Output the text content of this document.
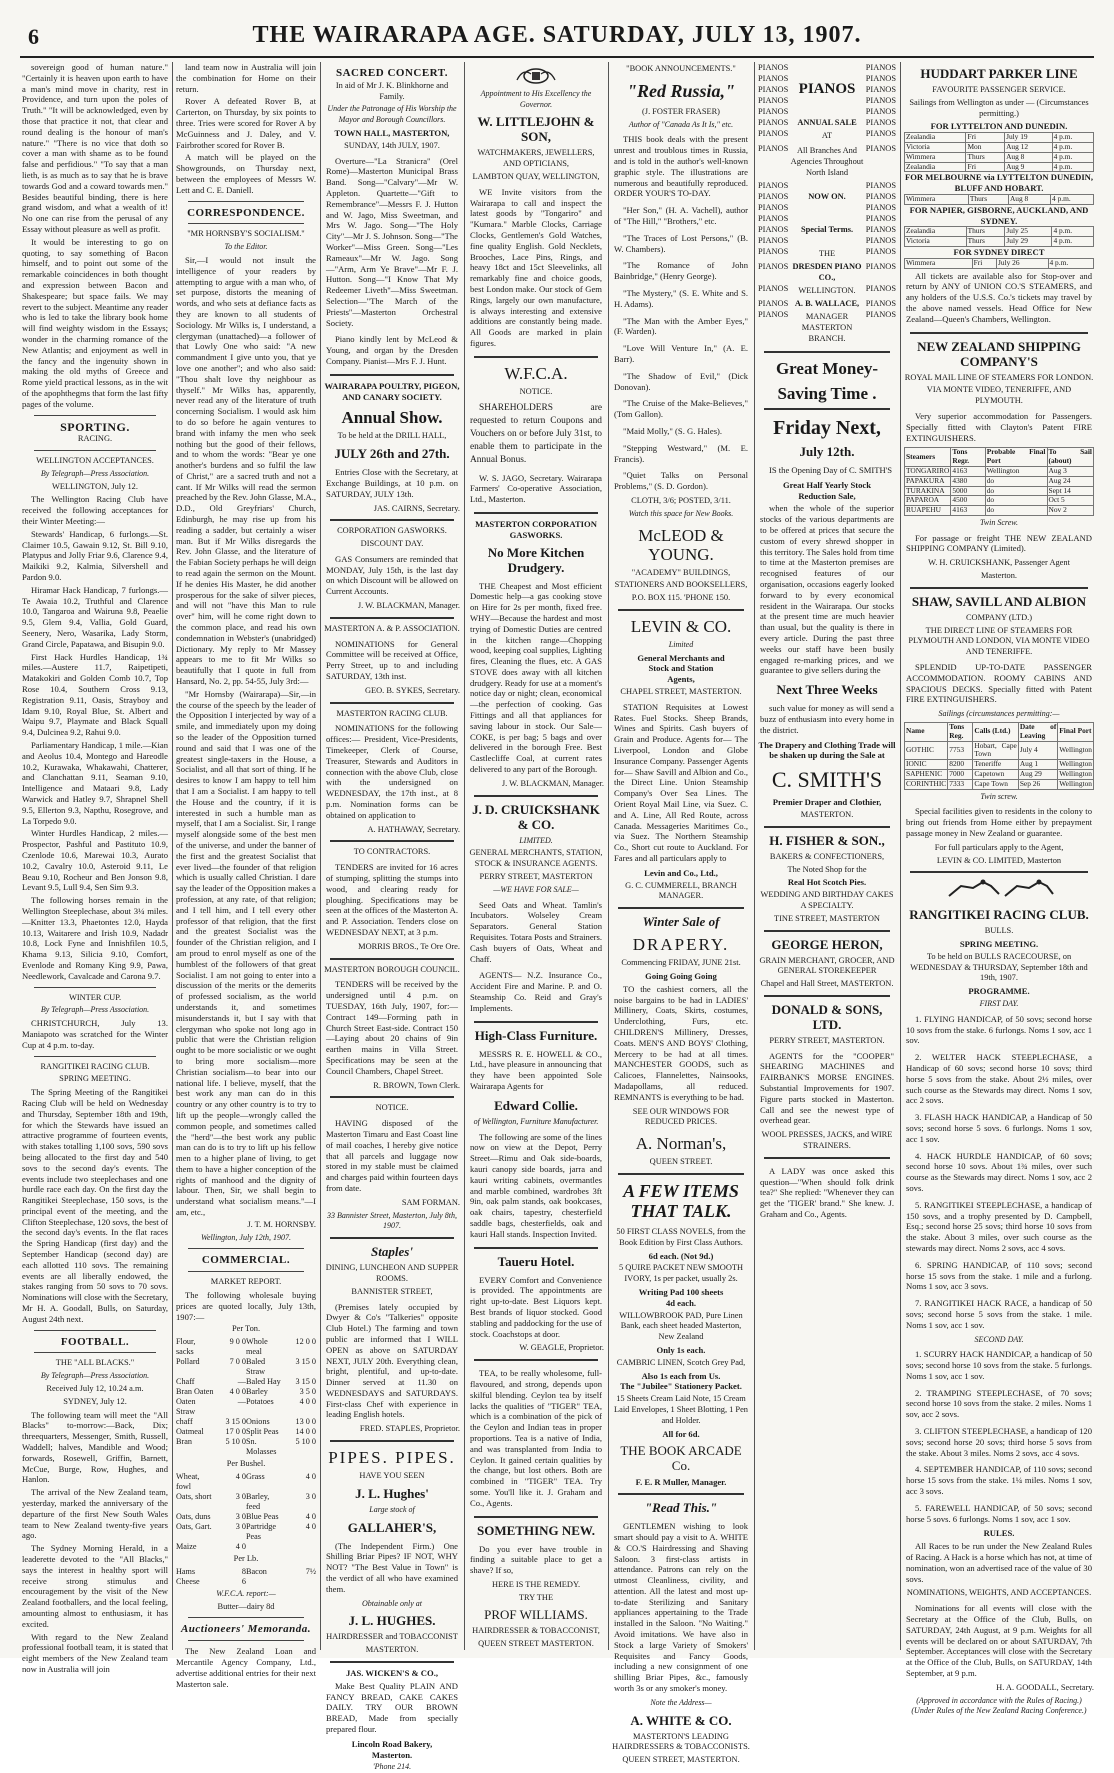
6	THE WAIRARAPA AGE. SATURDAY, JULY 13, 1907.

sovereign good of human nature." "Certainly it is heaven upon earth to have a man's mind move in charity, rest in Providence, and turn upon the poles of Truth." "It will be acknowledged, even by those that practice it not, that clear and round dealing is the honour of man's nature." "There is no vice that doth so cover a man with shame as to be found false and perfidious." "To say that a man lieth, is as much as to say that he is brave towards God and a coward towards men." Besides beautiful binding, there is here grand wisdom, and what a wealth of it! No one can rise from the perusal of any Essay without pleasure as well as profit.

It would be interesting to go on quoting, to say something of Bacon himself, and to point out some of the remarkable coincidences in both thought and expression between Bacon and Shakespeare; but space fails. We may revert to the subject. Meantime any reader who is led to take the library book home will find weighty wisdom in the Essays; wonder in the charming romance of the New Atlantis; and enjoyment as well in the fancy and the ingenuity shown in making the old myths of Greece and Rome yield practical lessons, as in the wit of the apophthegms that form the last fifty pages of the volume.

SPORTING.
RACING.
WELLINGTON ACCEPTANCES.
By Telegraph—Press Association.
WELLINGTON, July 12.

The Wellington Racing Club have received the following acceptances for their Winter Meeting:—

Stewards' Handicap, 6 furlongs.—St. Claimer 10.5, Gawain 9.12, St. Bill 9.10, Platypus and Jolly Friar 9.6, Clarence 9.4, Maikiki 9.2, Kalmia, Silvershell and Pardon 9.0.

Hiramar Hack Handicap, 7 furlongs.—Te Awaia 10.2, Truthful and Clarence 10.0, Tangaroa and Wairuna 9.8, Peaelie 9.5, Glem 9.4, Vallia, Gold Guard, Seenery, Nero, Wasarika, Lady Storm, Grand Circle, Papatawa, and Bisupin 9.0.

First Hack Hurdles Handicap, 1¾ miles.—Austere 11.7, Raipetipeti, Matakokiri and Golden Comb 10.7, Top Rose 10.4, Southern Cross 9.13, Registration 9.11, Oasis, Strayboy and Idam 9.10, Royal Blue, St. Albert and Waipu 9.7, Playmate and Black Squall 9.4, Dulcinea 9.2, Rahui 9.0.

Parliamentary Handicap, 1 mile.—Kian and Aeolus 10.4, Montego and Hareodle 10.2, Kurawaka, Whakawahi, Chatterer, and Clanchattan 9.11, Seaman 9.10, Intelligence and Mataari 9.8, Lady Warwick and Hatley 9.7, Shrapnel Shell 9.5, Ellerton 9.3, Napthu, Rosegrove, and La Torpedo 9.0.

Winter Hurdles Handicap, 2 miles.—Prospector, Pashful and Pastituto 10.9, Czenlode 10.6, Marewai 10.3, Aurato 10.2, Cavalry 10.0, Asteroid 9.11, Le Beau 9.10, Rocheur and Ben Jonson 9.8, Levant 9.5, Lull 9.4, Sen Sim 9.3.

The following horses remain in the Wellington Steeplechase, about 3¼ miles.—Knitter 13.3, Phaetontes 12.0, Hayda 10.13, Waitarere and Irish 10.9, Nadadr 10.8, Lock Fyne and Innishfilen 10.5, Khama 9.13, Silicia 9.10, Comfort, Evenlode and Romany King 9.9, Pawa, Needlework, Cavalcade and Carona 9.7.

WINTER CUP.
By Telegraph—Press Association.

CHRISTCHURCH, July 13. Maniapoto was scratched for the Winter Cup at 4 p.m. to-day.

RANGITIKEI RACING CLUB.
SPRING MEETING.

The Spring Meeting of the Rangitikei Racing Club will be held on Wednesday and Thursday, September 18th and 19th, for which the Stewards have issued an attractive programme of fourteen events, with stakes totalling 1,100 sovs, 590 sovs being allocated to the first day and 540 sovs to the second day's events. The events include two steeplechases and one hurdle race each day. On the first day the Rangitikei Steeplechase, 150 sovs, is the principal event of the meeting, and the Clifton Steeplechase, 120 sovs, the best of the second day's events. In the flat races the Spring Handicap (first day) and the September Handicap (second day) are each allotted 110 sovs. The remaining events are all liberally endowed, the stakes ranging from 50 sovs to 70 sovs. Nominations will close with the Secretary, Mr H. A. Goodall, Bulls, on Saturday, August 24th next.

FOOTBALL.
THE "ALL BLACKS."
By Telegraph—Press Association.
Received July 12, 10.24 a.m.
SYDNEY, July 12.

The following team will meet the "All Blacks" to-morrow:—Back, Dix; threequarters, Messenger, Smith, Russell, Waddell; halves, Mandible and Wood; forwards, Rosewell, Griffin, Barnett, McCue, Burge, Row, Hughes, and Hanlon.

The arrival of the New Zealand team, yesterday, marked the anniversary of the departure of the first New South Wales team to New Zealand twenty-five years ago.

The Sydney Morning Herald, in a leaderette devoted to the "All Blacks," says the interest in healthy sport will receive strong stimulus and encouragement by the visit of the New Zealand footballers, and the local feeling, amounting almost to enthusiasm, it has excited.

With regard to the New Zealand professional football team, it is stated that eight members of the New Zealand team now in Australia will join

land team now in Australia will join the combination for Home on their return.

Rover A defeated Rover B, at Carterton, on Thursday, by six points to three. Tries were scored for Rover A by McGuinness and J. Daley, and V. Fairbrother scored for Rover B.

A match will be played on the Showgrounds, on Thursday next, between the employees of Messrs W. Lett and C. E. Daniell.

CORRESPONDENCE.
"MR HORNSBY'S SOCIALISM."
To the Editor.

Sir,—I would not insult the intelligence of your readers by attempting to argue with a man who, of set purpose, distorts the meaning of words, and who sets at defiance facts as they are known to all students of Sociology. Mr Wilks is, I understand, a clergyman (unattached)—a follower of that Lowly One who said: "A new commandment I give unto you, that ye love one another"; and who also said: "Thou shalt love thy neighbour as thyself." Mr Wilks has, apparently, never read any of the literature of truth concerning Socialism. I would ask him to do so before he again ventures to brand with infamy the men who seek nothing but the good of their fellows, and to whom the words: "Bear ye one another's burdens and so fulfil the law of Christ," are a sacred truth and not a cant. If Mr Wilks will read the sermon preached by the Rev. John Glasse, M.A., D.D., Old Greyfriars' Church, Edinburgh, he may rise up from his reading a sadder, but certainly a wiser man. But if Mr Wilks disregards the Rev. John Glasse, and the literature of the Fabian Society perhaps he will deign to read again the sermon on the Mount. If he denies His Master, he did another prosperous for the sake of silver pieces, and will not "have this Man to rule over" him, will he come right down to the common place, and read his own condemnation in Webster's (unabridged) Dictionary. My reply to Mr Massey appears to me to fit Mr Wilks so beautifully that I quote in full from Hansard, No. 2, pp. 54-55, July 3rd:—

"Mr Hornsby (Wairarapa)—Sir,—in the course of the speech by the leader of the Opposition I interjected by way of a smile, and immediately upon my doing so the leader of the Opposition turned round and said that I was one of the greatest single-taxers in the House, a Socialist, and all that sort of thing. If he desires to know I am happy to tell him that I am a Socialist. I am happy to tell the House and the country, if it is interested in such a humble man as myself, that I am a Socialist. Sir, I range myself alongside some of the best men of the universe, and under the banner of the first and the greatest Socialist that ever lived—the founder of that religion which is usually called Christian. I dare say the leader of the Opposition makes a profession, at any rate, of that religion; and I tell him, and I tell every other professor of that religion, that the first and the greatest Socialist was the founder of the Christian religion, and I am proud to enrol myself as one of the humblest of the followers of that great Socialist. I am not going to enter into a discussion of the merits or the demerits of professed socialism, as the world understands it, and sometimes misunderstands it, but I say with that clergyman who spoke not long ago in public that were the Christian religion ought to be more socialistic or we ought to bring more socialism—more Christian socialism—to bear into our national life. I believe, myself, that the best work any man can do in this country or any other country is to try to lift up the people—wrongly called the common people, and sometimes called the "herd"—the best work any public man can do is to try to lift up his fellow men to a higher plane of living, to get them to have a higher conception of the rights of manhood and the dignity of labour. Then, Sir, we shall begin to understand what socialism means."—I am, etc.,

J. T. M. HORNSBY.
Wellington, July 12th, 1907.
COMMERCIAL.
MARKET REPORT.

The following wholesale buying prices are quoted locally, July 13th, 1907:—

Per Ton.
Flour, sacks
9 0 0 Whole meal
12 0 0
Pollard	7 0 0 Baled Straw
3 15 0
Chaff	— Baled Hay	3 15 0
Bran Oaten	4 0 0 Barley	3 5 0
Oaten Straw
— Potatoes	4 0 0
chaff	3 15 0 Onions	13 0 0
Oatmeal	17 0 0 Split Peas	14 0 0
Bran	5 10 0 Sn. Molasses
5 10 0
Per Bushel.
Wheat, fowl
4 0 Grass	4 0
Oats, short	3 0 Barley, feed
3 0
Oats, duns	3 0 Blue Peas	4 0
Oats, Gart.	3 0 Partridge Peas
4 0
Maize	4 0
Per Lb.
Hams	8 Bacon	7½
Cheese	6
W.F.C.A. report:—
Butter—dairy 8d
Auctioneers' Memoranda.

The New Zealand Loan and Mercantile Agency Company, Ltd., advertise additional entries for their next Masterton sale.

SACRED CONCERT.
In aid of Mr J. K. Blinkhorne and Family.
Under the Patronage of His Worship the Mayor and Borough Councillors.
TOWN HALL, MASTERTON,
SUNDAY, 14th JULY, 1907.

Overture—"La Stranicra" (Orel Rome)—Masterton Municipal Brass Band. Song—"Calvary"—Mr W. Appleton. Quartette—"Gift to Remembrance"—Messrs F. J. Hutton and W. Jago, Miss Sweetman, and Mrs W. Jago. Song—"The Holy City"—Mr J. S. Johnson. Song—"The Worker"—Miss Green. Song—"Les Rameaux"—Mr W. Jago. Song—"Arm, Arm Ye Brave"—Mr F. J. Hutton. Song—"I Know That My Redeemer Liveth"—Miss Sweetman. Selection—"The March of the Priests"—Masterton Orchestral Society.

Piano kindly lent by McLeod & Young, and organ by the Dresden Company. Pianist—Mrs F. J. Hunt.

WAIRARAPA POULTRY, PIGEON, AND CANARY SOCIETY.
Annual Show.
To be held at the DRILL HALL,
JULY 26th and 27th.

Entries Close with the Secretary, at Exchange Buildings, at 10 p.m. on SATURDAY, JULY 13th.

JAS. CAIRNS, Secretary.
CORPORATION GASWORKS.
DISCOUNT DAY.

GAS Consumers are reminded that MONDAY, July 15th, is the last day on which Discount will be allowed on Current Accounts.

J. W. BLACKMAN, Manager.
MASTERTON A. & P. ASSOCIATION.

NOMINATIONS for General Committee will be received at Office, Perry Street, up to and including SATURDAY, 13th inst.

GEO. B. SYKES, Secretary.
MASTERTON RACING CLUB.

NOMINATIONS for the following offices:— President, Vice-Presidents, Timekeeper, Clerk of Course, Treasurer, Stewards and Auditors in connection with the above Club, close with the undersigned on WEDNESDAY, the 17th inst., at 8 p.m. Nomination forms can be obtained on application to

A. HATHAWAY, Secretary.
TO CONTRACTORS.

TENDERS are invited for 16 acres of stumping, splitting the stumps into wood, and clearing ready for ploughing. Specifications may be seen at the offices of the Masterton A. and P. Association. Tenders close on WEDNESDAY NEXT, at 3 p.m.

MORRIS BROS., Te Ore Ore.
MASTERTON BOROUGH COUNCIL.

TENDERS will be received by the undersigned until 4 p.m. on TUESDAY, 16th July, 1907, for:— Contract 149—Forming path in Church Street East-side. Contract 150—Laying about 20 chains of 9in earthen mains in Villa Street. Specifications may be seen at the Council Chambers, Chapel Street.

R. BROWN, Town Clerk.
NOTICE.

HAVING disposed of the Masterton Timaru and East Coast line of mail coaches, I hereby give notice that all parcels and luggage now stored in my stable must be claimed and charges paid within fourteen days from date.

SAM FORMAN.
33 Bannister Street, Masterton, July 8th, 1907.
Staples'
DINING, LUNCHEON AND SUPPER ROOMS.
BANNISTER STREET,

(Premises lately occupied by Dwyer & Co's "Talkeries" opposite Club Hotel.) The farming and town public are informed that I WILL OPEN as above on SATURDAY NEXT, JULY 20th. Everything clean, bright, plentiful, and up-to-date. Dinner served at 11.30 on WEDNESDAYS and SATURDAYS. First-class Chef with experience in leading English hotels.

FRED. STAPLES, Proprietor.
PIPES. PIPES.
HAVE YOU SEEN
J. L. Hughes'
Large stock of
GALLAHER'S,

(The Independent Firm.) One Shilling Briar Pipes? IF NOT, WHY NOT? "The Best Value in Town" is the verdict of all who have examined them.

Obtainable only at
J. L. HUGHES.
HAIRDRESSER and TOBACCONIST
MASTERTON.
JAS. WICKEN'S & CO.,

Make Best Quality PLAIN AND FANCY BREAD, CAKE CAKES DAILY. TRY OUR BROWN BREAD, Made from specially prepared flour.

Lincoln Road Bakery,
Masterton.
'Phone 214.
Appointment to His Excellency the Governor.
W. LITTLEJOHN & SON,
WATCHMAKERS, JEWELLERS, AND OPTICIANS,
LAMBTON QUAY, WELLINGTON,

WE Invite visitors from the Wairarapa to call and inspect the latest goods by "Tongariro" and "Kumara." Marble Clocks, Carriage Clocks, Gentlemen's Gold Watches, fine quality English. Gold Necklets, Brooches, Lace Pins, Rings, and heavy 18ct and 15ct Sleevelinks, all remarkably fine and choice goods, best London make. Our stock of Gem Rings, largely our own manufacture, is always interesting and extensive additions are constantly being made. All Goods are marked in plain figures.

W.F.C.A.
NOTICE.

SHAREHOLDERS are requested to return Coupons and Vouchers on or before July 31st, to enable them to participate in the Annual Bonus.

W. S. JAGO, Secretary. Wairarapa Farmers' Co-operative Association, Ltd., Masterton.

MASTERTON CORPORATION GASWORKS.
No More Kitchen Drudgery.

THE Cheapest and Most efficient Domestic help—a gas cooking stove on Hire for 2s per month, fixed free. WHY—Because the hardest and most trying of Domestic Duties are centred in the kitchen range—Chopping wood, keeping coal supplies, Lighting fires, Cleaning the flues, etc. A GAS STOVE does away with all kitchen drudgery. Ready for use at a moment's notice day or night; clean, economical—the perfection of cooking. Gas Fittings and all that appliances for saving labour in stock. Our Sale—COKE, is per bag; 5 bags and over delivered in the borough Free. Best Castlecliffe Coal, at current rates delivered to any part of the Borough.

J. W. BLACKMAN, Manager.
J. D. CRUICKSHANK & CO.
LIMITED.
GENERAL MERCHANTS, STATION, STOCK & INSURANCE AGENTS.
PERRY STREET, MASTERTON
—WE HAVE FOR SALE—

Seed Oats and Wheat. Tamlin's Incubators. Wolseley Cream Separators. General Station Requisites. Totara Posts and Strainers. Cash buyers of Oats, Wheat and Chaff.

AGENTS— N.Z. Insurance Co., Accident Fire and Marine. P. and O. Steamship Co. Reid and Gray's Implements.

High-Class Furniture.

MESSRS R. E. HOWELL & CO., Ltd., have pleasure in announcing that they have been appointed Sole Wairarapa Agents for

Edward Collie.
of Wellington, Furniture Manufacturer.

The following are some of the lines now on view at the Depot, Perry Street—Rimu and Oak side-boards, kauri canopy side boards, jarra and kauri writing cabinets, overmantles and marble combined, wardrobes 3ft 9in, oak palm stands, oak bookcases, oak chairs, tapestry, chesterfield saddle bags, chesterfields, oak and kauri Hall stands. Inspection Invited.

Taueru Hotel.

EVERY Comfort and Convenience is provided. The appointments are right up-to-date. Best Liquors kept. Best brands of liquor stocked. Good stabling and paddocking for the use of stock. Coachstops at door.

W. GEAGLE, Proprietor.

TEA, to be really wholesome, full-flavoured, and strong, depends upon skilful blending. Ceylon tea by itself lacks the qualities of "TIGER" TEA, which is a combination of the pick of the Ceylon and Indian teas in proper proportions. Tea is a native of India, and was transplanted from India to Ceylon. It gained certain qualities by the change, but lost others. Both are combined in "TIGER" TEA. Try some. You'll like it. J. Graham and Co., Agents.

SOMETHING NEW.

Do you ever have trouble in finding a suitable place to get a shave? If so,

HERE IS THE REMEDY.
TRY THE
PROF WILLIAMS.
HAIRDRESSER & TOBACCONIST,
QUEEN STREET MASTERTON.
"BOOK ANNOUNCEMENTS."
"Red Russia,"
(J. FOSTER FRASER)
Author of "Canada As It Is," etc.

THIS book deals with the present unrest and troublous times in Russia, and is told in the author's well-known graphic style. The illustrations are numerous and beautifully reproduced. ORDER YOUR'S TO-DAY.

"Her Son," (H. A. Vachell), author of "The Hill," "Brothers," etc.

"The Traces of Lost Persons," (B. W. Chambers).

"The Romance of John Bainbridge," (Henry George).

"The Mystery," (S. E. White and S. H. Adams).

"The Man with the Amber Eyes," (F. Warden).

"Love Will Venture In," (A. E. Barr).

"The Shadow of Evil," (Dick Donovan).

"The Cruise of the Make-Believes," (Tom Gallon).

"Maid Molly," (S. G. Hales).

"Stepping Westward," (M. E. Francis).

"Quiet Talks on Personal Problems," (S. D. Gordon).

CLOTH, 3/6; POSTED, 3/11.
Watch this space for New Books.
McLEOD & YOUNG.
"ACADEMY" BUILDINGS,
STATIONERS AND BOOKSELLERS,
P.O. BOX 115. 'PHONE 150.
LEVIN & CO.
Limited
General Merchants and
Stock and Station
Agents,
CHAPEL STREET, MASTERTON.

STATION Requisites at Lowest Rates. Fuel Stocks. Sheep Brands, Wines and Spirits. Cash buyers of Grain and Produce. Agents for— The Liverpool, London and Globe Insurance Company. Passenger Agents for— Shaw Savill and Albion and Co., the Direct Line. Union Steamship Company's Over Sea Lines. The Orient Royal Mail Line, via Suez. C. and A. Line, All Red Route, across Canada. Messageries Maritimes Co., via Suez. The Northern Steamship Co., Short cut route to Auckland. For Fares and all particulars apply to

Levin and Co., Ltd.,
G. C. CUMMERELL, BRANCH MANAGER.
Winter Sale of
DRAPERY.
Commencing FRIDAY, JUNE 21st.
Going Going Going

TO the cashiest corners, all the noise bargains to be had in LADIES' Millinery, Coats, Skirts, costumes, Underclothing, Furs, etc. CHILDREN'S Millinery, Dresses, Coats. MEN'S AND BOYS' Clothing, Mercery to be had at all times. MANCHESTER GOODS, such as Calicoes, Flannelettes, Nainsooks, Madapollams, all reduced. REMNANTS is everything to be had.

SEE OUR WINDOWS FOR REDUCED PRICES.
A. Norman's,
QUEEN STREET.
A FEW ITEMS THAT TALK.
50 FIRST CLASS NOVELS, from the Book Edition by First Class Authors.
6d each. (Not 9d.)
5 QUIRE PACKET NEW SMOOTH IVORY, 1s per packet, usually 2s.
Writing Pad 100 sheets
4d each.
WILLOWBROOK PAD, Pure Linen Bank, each sheet headed Masterton, New Zealand
Only 1s each.
CAMBRIC LINEN, Scotch Grey Pad,
Also 1s each from Us.
The "Jubilee" Stationery Packet.
15 Sheets Cream Laid Note, 15 Cream Laid Envelopes, 1 Sheet Blotting, 1 Pen and Holder.
All for 6d.
THE BOOK ARCADE Co.
F. E. R Muller, Manager.
"Read This."

GENTLEMEN wishing to look smart should pay a visit to A. WHITE & CO.'S Hairdressing and Shaving Saloon. 3 first-class artists in attendance. Patrons can rely on the utmost Cleanliness, civility, and attention. All the latest and most up-to-date Sterilizing and Sanitary appliances appertaining to the Trade installed in the Saloon. "No Waiting." Avoid imitations. We have also in Stock a large Variety of Smokers' Requisites and Fancy Goods, including a new consignment of one shilling Briar Pipes, &c., famously worth 3s or any smoker's money.

Note the Address—
A. WHITE & CO.
MASTERTON'S LEADING HAIRDRESSERS & TOBACCONISTS.
QUEEN STREET, MASTERTON.
PIANOS	PIANOS
PIANOS	PIANOS
PIANOS PIANOS	PIANOS
PIANOS	PIANOS
PIANOS	PIANOS
PIANOS	ANNUAL SALE	PIANOS
PIANOS	AT	PIANOS
PIANOS	All Branches And Agencies Throughout North Island
PIANOS
PIANOS	PIANOS
PIANOS	NOW ON.	PIANOS
PIANOS	PIANOS
PIANOS	PIANOS
PIANOS	Special Terms.	PIANOS
PIANOS	PIANOS
PIANOS	THE	PIANOS
PIANOS DRESDEN PIANO CO.,
PIANOS
PIANOS	WELLINGTON.	PIANOS
PIANOS A. B. WALLACE, PIANOS
PIANOS	MANAGER MASTERTON BRANCH.
PIANOS
Great Money-
Saving Time .
Friday Next,
July 12th.

IS the Opening Day of C. SMITH'S

Great Half Yearly Stock
Reduction Sale,

when the whole of the superior stocks of the various departments are to be offered at prices that secure the custom of every shrewd shopper in this territory. The Sales hold from time to time at the Masterton premises are recognised features of our organisation, occasions eagerly looked forward to by every economical resident in the Wairarapa. Our stocks at the present time are much heavier than usual, but the quality is there in every article. During the past three weeks our staff have been busily engaged re-marking prices, and we guarantee to give sellers during the

Next Three Weeks

such value for money as will send a buzz of enthusiasm into every home in the district.

The Drapery and Clothing Trade will be shaken up during the Sale at
C. SMITH'S
Premier Draper and Clothier,
MASTERTON.
H. FISHER & SON.,
BAKERS & CONFECTIONERS,
The Noted Shop for the
Real Hot Scotch Pies.
WEDDING AND BIRTHDAY CAKES A SPECIALTY.
TINE STREET, MASTERTON
GEORGE HERON,
GRAIN MERCHANT, GROCER, AND GENERAL STOREKEEPER
Chapel and Hall Street, MASTERTON.
DONALD & SONS, LTD.
PERRY STREET, MASTERTON.

AGENTS for the "COOPER" SHEARING MACHINES and FAIRBANK'S MORSE ENGINES. Substantial Improvements for 1907. Figure parts stocked in Masterton. Call and see the newest type of overhead gear.

WOOL PRESSES, JACKS, and WIRE STRAINERS.

A LADY was once asked this question—"When should folk drink tea?" She replied: "Whenever they can get the 'TIGER' brand." She knew. J. Graham and Co., Agents.

HUDDART PARKER LINE
FAVOURITE PASSENGER SERVICE.
Sailings from Wellington as under — (Circumstances permitting.)
FOR LYTTELTON AND DUNEDIN.
Zealandia	Fri	July 19	4 p.m.
Victoria	Mon	Aug 12	4 p.m.
Wimmera	Thurs	Aug 8	4 p.m.
Zealandia	Fri	Aug 9	4 p.m.
FOR MELBOURNE via LYTTELTON DUNEDIN, BLUFF AND HOBART.
Wimmera	Thurs	Aug 8	4 p.m.
FOR NAPIER, GISBORNE, AUCKLAND, AND SYDNEY.
Zealandia	Thurs	July 25	4 p.m.
Victoria	Thurs	July 29	4 p.m.
FOR SYDNEY DIRECT
Wimmera	Fri	July 26	4 p.m.

All tickets are available also for Stop-over and return by ANY of UNION CO.'S STEAMERS, and any holders of the U.S.S. Co.'s tickets may travel by the above named vessels. Head Office for New Zealand—Queen's Chambers, Wellington.

NEW ZEALAND SHIPPING COMPANY'S
ROYAL MAIL LINE OF STEAMERS FOR LONDON.
VIA MONTE VIDEO, TENERIFFE, AND PLYMOUTH.

Very superior accommodation for Passengers. Specially fitted with Clayton's Patent FIRE EXTINGUISHERS.

Steamers	Tons Regr.	Probable Final Port	To Sail (about)
TONGARIRO	4163	Wellington	Aug 3
PAPAKURA	4380	do	Aug 24
TURAKINA	5000	do	Sept 14
PAPAROA	4500	do	Oct 5
RUAPEHU	4163	do	Nov 2
Twin Screw.

For passage or freight THE NEW ZEALAND SHIPPING COMPANY (Limited).

W. H. CRUICKSHANK, Passenger Agent
Masterton.
SHAW, SAVILL AND ALBION
COMPANY (LTD.)
THE DIRECT LINE OF STEAMERS FOR PLYMOUTH AND LONDON, VIA MONTE VIDEO AND TENERIFFE.

SPLENDID UP-TO-DATE PASSENGER ACCOMMODATION. ROOMY CABINS AND SPACIOUS DECKS. Specially fitted with Patent FIRE EXTINGUISHERS.

Sailings (circumstances permitting:—
Name	Tons Reg.	Calls (Ltd.)	Date of Leaving	Final Port
GOTHIC	7753	Hobart, Cape Town	July 4	Wellington
IONIC	8200	Teneriffe	Aug 1	Wellington
SAPHENIC	7000	Capetown	Aug 29	Wellington
CORINTHIC	7333	Cape Town	Sep 26	Wellington
Twin screw.

Special facilities given to residents in the colony to bring out friends from Home either by prepayment passage money in New Zealand or guarantee.

For full particulars apply to the Agent,
LEVIN & CO. LIMITED, Masterton
RANGITIKEI RACING CLUB.
BULLS.
SPRING MEETING.
To be held on BULLS RACECOURSE, on WEDNESDAY & THURSDAY, September 18th and 19th, 1907.
PROGRAMME.
FIRST DAY.

1. FLYING HANDICAP, of 50 sovs; second horse 10 sovs from the stake. 6 furlongs. Noms 1 sov, acc 1 sov.

2. WELTER HACK STEEPLECHASE, a Handicap of 60 sovs; second horse 10 sovs; third horse 5 sovs from the stake. About 2½ miles, over such course as the Stewards may direct. Noms 1 sov, acc 2 sovs.

3. FLASH HACK HANDICAP, a Handicap of 50 sovs; second horse 5 sovs. 6 furlongs. Noms 1 sov, acc 1 sov.

4. HACK HURDLE HANDICAP, of 60 sovs; second horse 10 sovs. About 1¾ miles, over such course as the Stewards may direct. Noms 1 sov, acc 2 sovs.

5. RANGITIKEI STEEPLECHASE, a handicap of 150 sovs, and a trophy presented by D. Campbell, Esq.; second horse 25 sovs; third horse 10 sovs from the stake. About 3 miles, over such course as the stewards may direct. Noms 2 sovs, acc 4 sovs.

6. SPRING HANDICAP, of 110 sovs; second horse 15 sovs from the stake. 1 mile and a furlong. Noms 1 sov, acc 3 sovs.

7. RANGITIKEI HACK RACE, a handicap of 50 sovs; second horse 5 sovs from the stake. 1 mile. Noms 1 sov, acc 1 sov.

SECOND DAY.

1. SCURRY HACK HANDICAP, a handicap of 50 sovs; second horse 10 sovs from the stake. 5 furlongs. Noms 1 sov, acc 1 sov.

2. TRAMPING STEEPLECHASE, of 70 sovs; second horse 10 sovs from the stake. 2 miles. Noms 1 sov, acc 2 sovs.

3. CLIFTON STEEPLECHASE, a handicap of 120 sovs; second horse 20 sovs; third horse 5 sovs from the stake. About 3 miles. Noms 2 sovs, acc 4 sovs.

4. SEPTEMBER HANDICAP, of 110 sovs; second horse 15 sovs from the stake. 1¼ miles. Noms 1 sov, acc 3 sovs.

5. FAREWELL HANDICAP, of 50 sovs; second horse 5 sovs. 6 furlongs. Noms 1 sov, acc 1 sov.

RULES.

All Races to be run under the New Zealand Rules of Racing. A Hack is a horse which has not, at time of nomination, won an advertised race of the value of 30 sovs.

NOMINATIONS, WEIGHTS, AND ACCEPTANCES.

Nominations for all events will close with the Secretary at the Office of the Club, Bulls, on SATURDAY, 24th August, at 9 p.m. Weights for all events will be declared on or about SATURDAY, 7th September. Acceptances will close with the Secretary at the Office of the Club, Bulls, on SATURDAY, 14th September, at 9 p.m.

H. A. GOODALL, Secretary.
(Approved in accordance with the Rules of Racing.) (Under Rules of the New Zealand Racing Conference.)
